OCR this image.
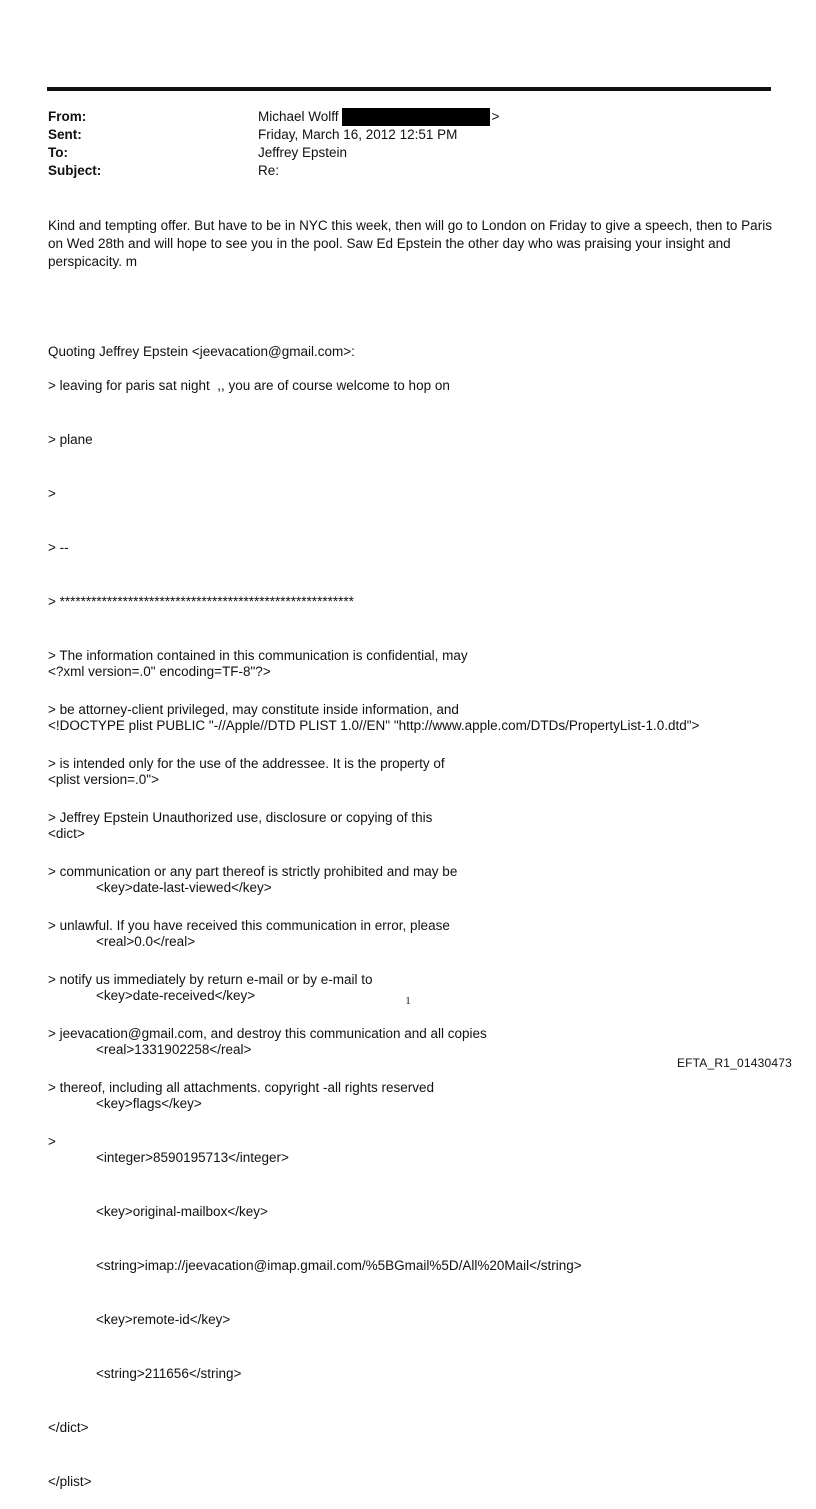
From:	Michael Wolff	>
Sent:	Friday, March 16, 2012 12:51 PM
To:	Jeffrey Epstein
Subject:	Re:
Kind and tempting offer. But have to be in NYC this week, then will go to London on Friday to give a speech, then to Paris on Wed 28th and will hope to see you in the pool. Saw Ed Epstein the other day who was praising your insight and perspicacity. m

Quoting Jeffrey Epstein <jeevacation@gmail.com>:

> leaving for paris sat night  ,, you are of course welcome to hop on

> plane

>

> --

> ********************************************************

> The information contained in this communication is confidential, may

> be attorney-client privileged, may constitute inside information, and

> is intended only for the use of the addressee. It is the property of

> Jeffrey Epstein Unauthorized use, disclosure or copying of this

> communication or any part thereof is strictly prohibited and may be

> unlawful. If you have received this communication in error, please

> notify us immediately by return e-mail or by e-mail to

> jeevacation@gmail.com, and destroy this communication and all copies

> thereof, including all attachments. copyright -all rights reserved

>

<?xml version=.0" encoding=TF-8"?>

<!DOCTYPE plist PUBLIC "-//Apple//DTD PLIST 1.0//EN" "http://www.apple.com/DTDs/PropertyList-1.0.dtd">

<plist version=.0">

<dict>

<key>date-last-viewed</key>

<real>0.0</real>

<key>date-received</key>

<real>1331902258</real>

<key>flags</key>

<integer>8590195713</integer>

<key>original-mailbox</key>

<string>imap://jeevacation@imap.gmail.com/%5BGmail%5D/All%20Mail</string>

<key>remote-id</key>

<string>211656</string>

</dict>

</plist>

1
EFTA_R1_01430473
